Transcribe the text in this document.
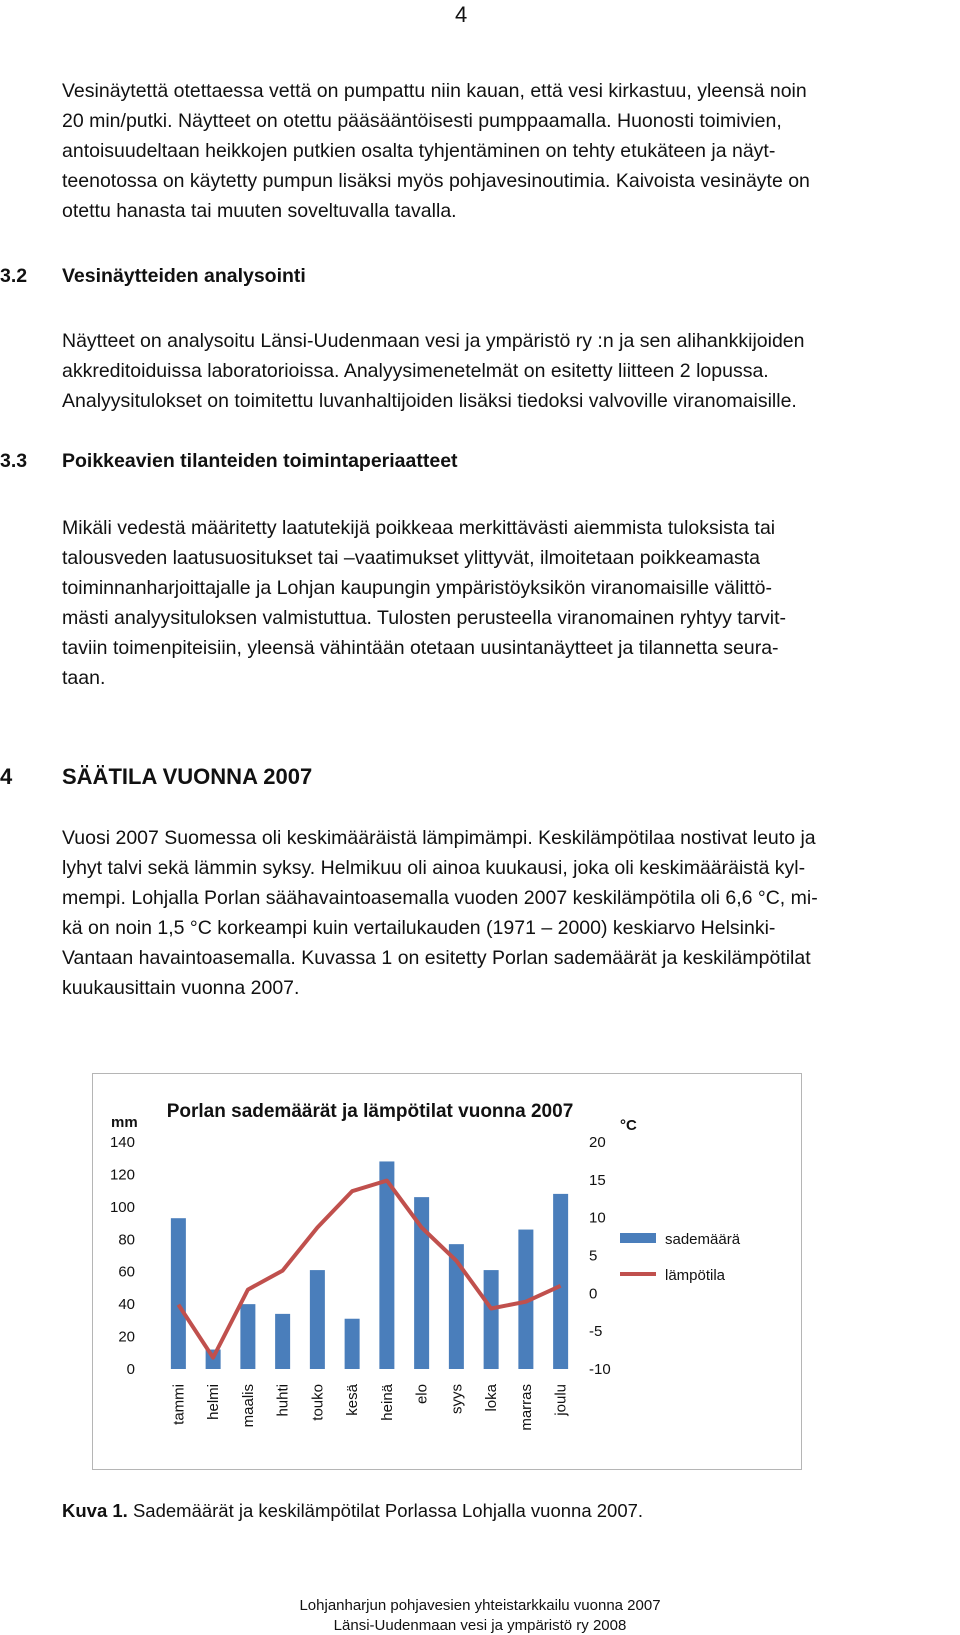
4
Vesinäytettä otettaessa vettä on pumpattu niin kauan, että vesi kirkastuu, yleensä noin
20 min/putki. Näytteet on otettu pääsääntöisesti pumppaamalla. Huonosti toimivien,
antoisuudeltaan heikkojen putkien osalta tyhjentäminen on tehty etukäteen ja näyt-
teenotossa on käytetty pumpun lisäksi myös pohjavesinoutimia. Kaivoista vesinäyte on
otettu hanasta tai muuten soveltuvalla tavalla.
3.2 Vesinäytteiden analysointi
Näytteet on analysoitu Länsi-Uudenmaan vesi ja ympäristö ry :n ja sen alihankkijoiden
akkreditoiduissa laboratorioissa. Analyysimenetelmät on esitetty liitteen 2 lopussa.
Analyysitulokset on toimitettu luvanhaltijoiden lisäksi tiedoksi valvoville viranomaisille.
3.3 Poikkeavien tilanteiden toimintaperiaatteet
Mikäli vedestä määritetty laatutekijä poikkeaa merkittävästi aiemmista tuloksista tai
talousveden laatusuositukset tai –vaatimukset ylittyvät, ilmoitetaan poikkeamasta
toiminnanharjoittajalle ja Lohjan kaupungin ympäristöyksikön viranomaisille välittö-
mästi analyysituloksen valmistuttua. Tulosten perusteella viranomainen ryhtyy tarvit-
taviin toimenpiteisiin, yleensä vähintään otetaan uusintanäytteet ja tilannetta seura-
taan.
4 SÄÄTILA VUONNA 2007
Vuosi 2007 Suomessa oli keskimääräistä lämpimämpi. Keskilämpötilaa nostivat leuto ja
lyhyt talvi sekä lämmin syksy. Helmikuu oli ainoa kuukausi, joka oli keskimääräistä kyl-
mempi. Lohjalla Porlan säähavaintoasemalla vuoden 2007 keskilämpötila oli 6,6 °C, mi-
kä on noin 1,5 °C korkeampi kuin vertailukauden (1971 – 2000) keskiarvo Helsinki-
Vantaan havaintoasemalla. Kuvassa 1 on esitetty Porlan sademäärät ja keskilämpötilat
kuukausittain vuonna 2007.
Porlan sademäärät ja lämpötilat vuonna 2007
mm	°C
0
20
40
60
80
100
120
140
-10
-5
0
5
10
15
20
tammi helmi maalis huhti touko kesä heinä elo syys loka marras joulu
sademäärä
lämpötila

Kuva 1. Sademäärät ja keskilämpötilat Porlassa Lohjalla vuonna 2007.

Lohjanharjun pohjavesien yhteistarkkailu vuonna 2007
Länsi-Uudenmaan vesi ja ympäristö ry 2008
